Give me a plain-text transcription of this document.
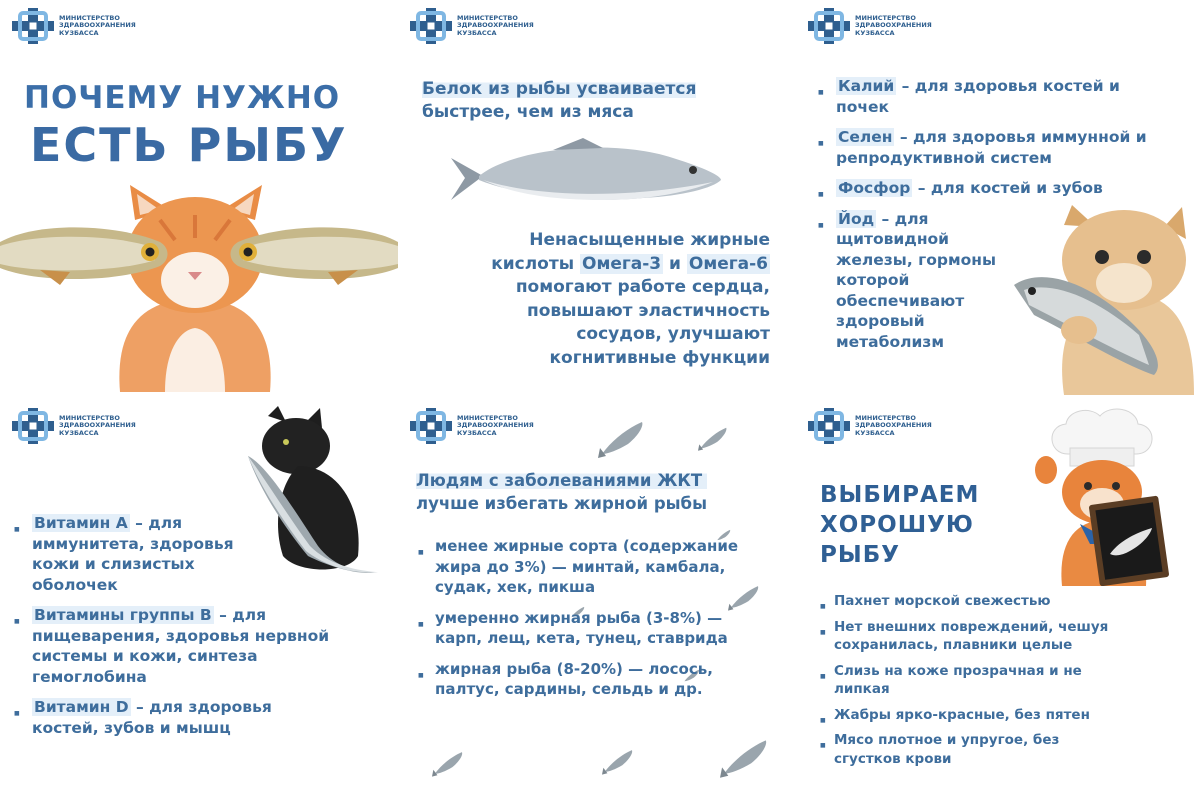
МИНИСТЕРСТВО
ЗДРАВООХРАНЕНИЯ
КУЗБАССА
ПОЧЕМУ НУЖНО
ЕСТЬ РЫБУ
МИНИСТЕРСТВО
ЗДРАВООХРАНЕНИЯ
КУЗБАССА
Белок из рыбы усваивается
быстрее, чем из мяса
Ненасыщенные жирные
кислоты Омега-3 и Омега-6
помогают работе сердца,
повышают эластичность
сосудов, улучшают
когнитивные функции
МИНИСТЕРСТВО
ЗДРАВООХРАНЕНИЯ
КУЗБАССА
■ Калий – для здоровья костей и почек
■ Селен – для здоровья иммунной и репродуктивной систем
■ Фосфор – для костей и зубов
■ Йод – для щитовидной железы, гормоны которой обеспечивают здоровый метаболизм
МИНИСТЕРСТВО
ЗДРАВООХРАНЕНИЯ
КУЗБАССА
■ Витамин А – для иммунитета, здоровья кожи и слизистых оболочек
■ Витамины группы В – для пищеварения, здоровья нервной системы и кожи, синтеза гемоглобина
■ Витамин D – для здоровья костей, зубов и мышц
МИНИСТЕРСТВО
ЗДРАВООХРАНЕНИЯ
КУЗБАССА
Людям с заболеваниями ЖКТ
лучше избегать жирной рыбы
■ менее жирные сорта (содержание жира до 3%) — минтай, камбала, судак, хек, пикша
■ умеренно жирная рыба (3-8%) — карп, лещ, кета, тунец, ставрида
■ жирная рыба (8-20%) — лосось, палтус, сардины, сельдь и др.
МИНИСТЕРСТВО
ЗДРАВООХРАНЕНИЯ
КУЗБАССА
ВЫБИРАЕМ
ХОРОШУЮ
РЫБУ
■ Пахнет морской свежестью
■ Нет внешних повреждений, чешуя сохранилась, плавники целые
■ Слизь на коже прозрачная и не липкая
■ Жабры ярко-красные, без пятен
■ Мясо плотное и упругое, без сгустков крови
